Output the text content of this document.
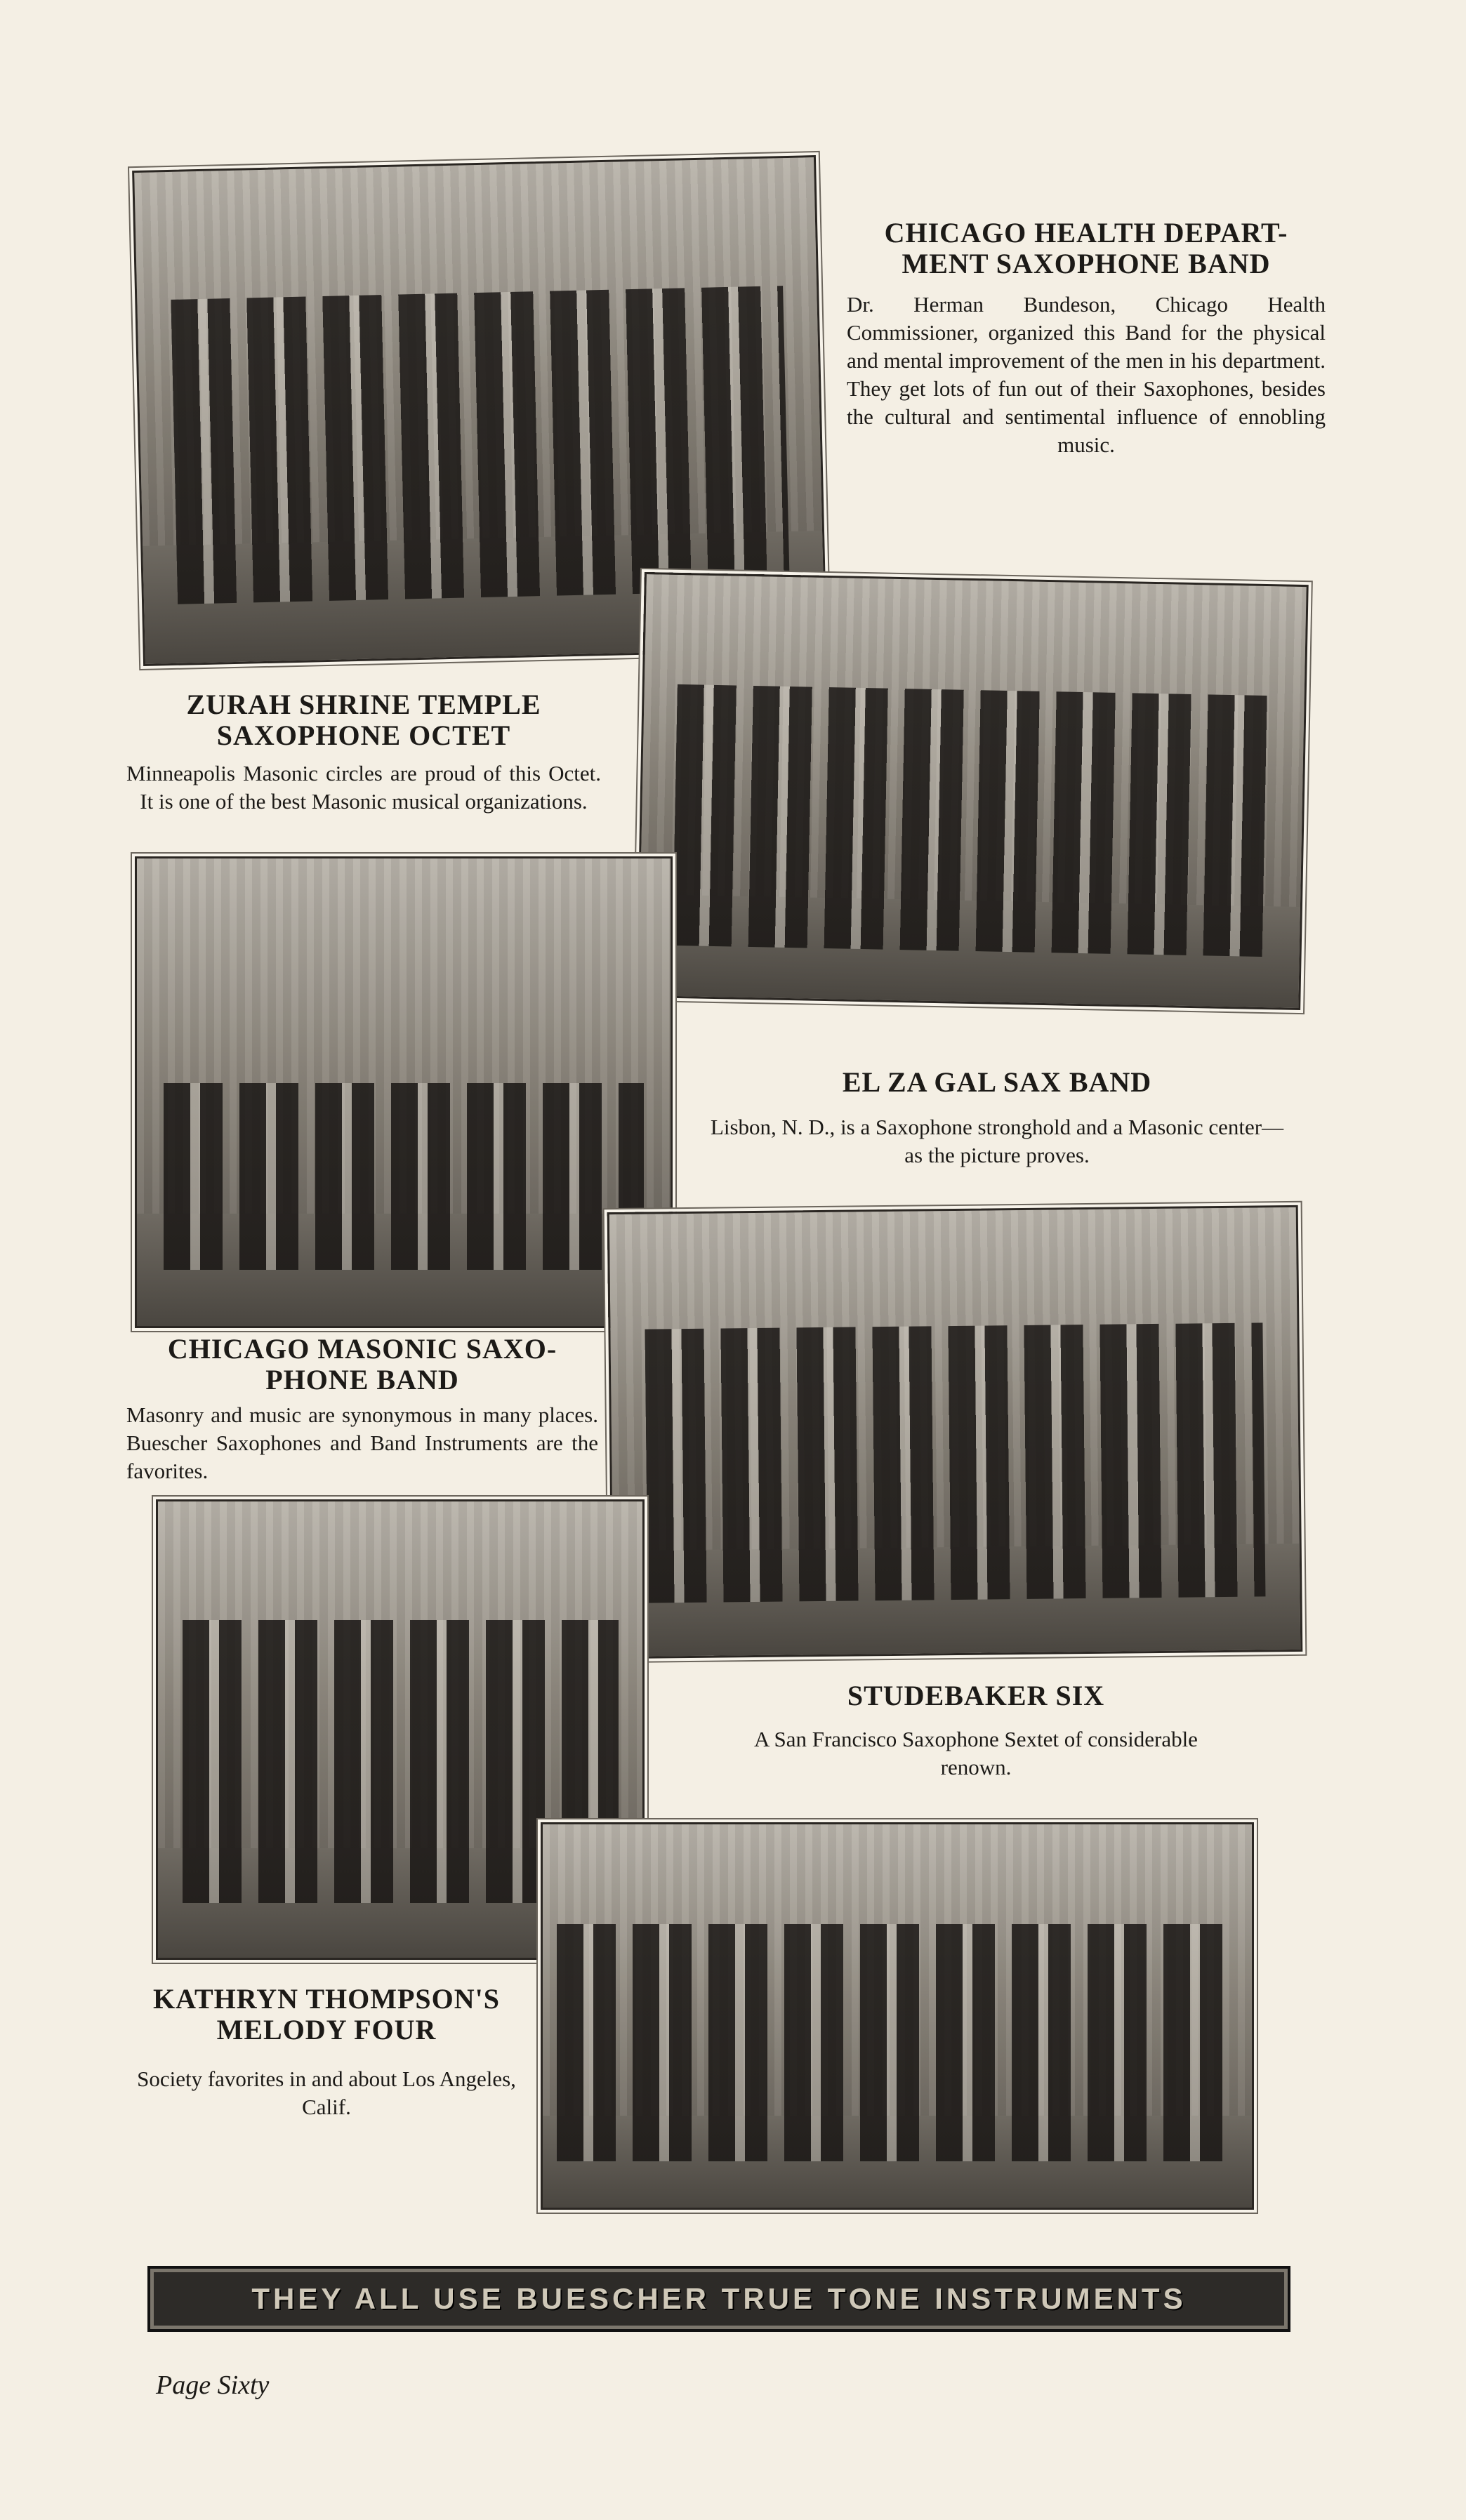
CHICAGO HEALTH DEPART-
MENT SAXOPHONE BAND

Dr. Herman Bundeson, Chicago Health Commissioner, organized this Band for the physical and mental improvement of the men in his department. They get lots of fun out of their Saxophones, besides the cultural and sentimental influence of ennobling music.

ZURAH SHRINE TEMPLE
SAXOPHONE OCTET

Minneapolis Masonic circles are proud of this Octet. It is one of the best Masonic musical organizations.

EL ZA GAL SAX BAND

Lisbon, N. D., is a Saxophone stronghold and a Masonic center—as the picture proves.

CHICAGO MASONIC SAXO-
PHONE BAND

Masonry and music are synonymous in many places. Buescher Saxophones and Band Instruments are the favorites.

STUDEBAKER SIX

A San Francisco Saxophone Sextet of considerable renown.

KATHRYN THOMPSON'S
MELODY FOUR

Society favorites in and about Los Angeles, Calif.

THEY ALL USE BUESCHER TRUE TONE INSTRUMENTS
Page Sixty
